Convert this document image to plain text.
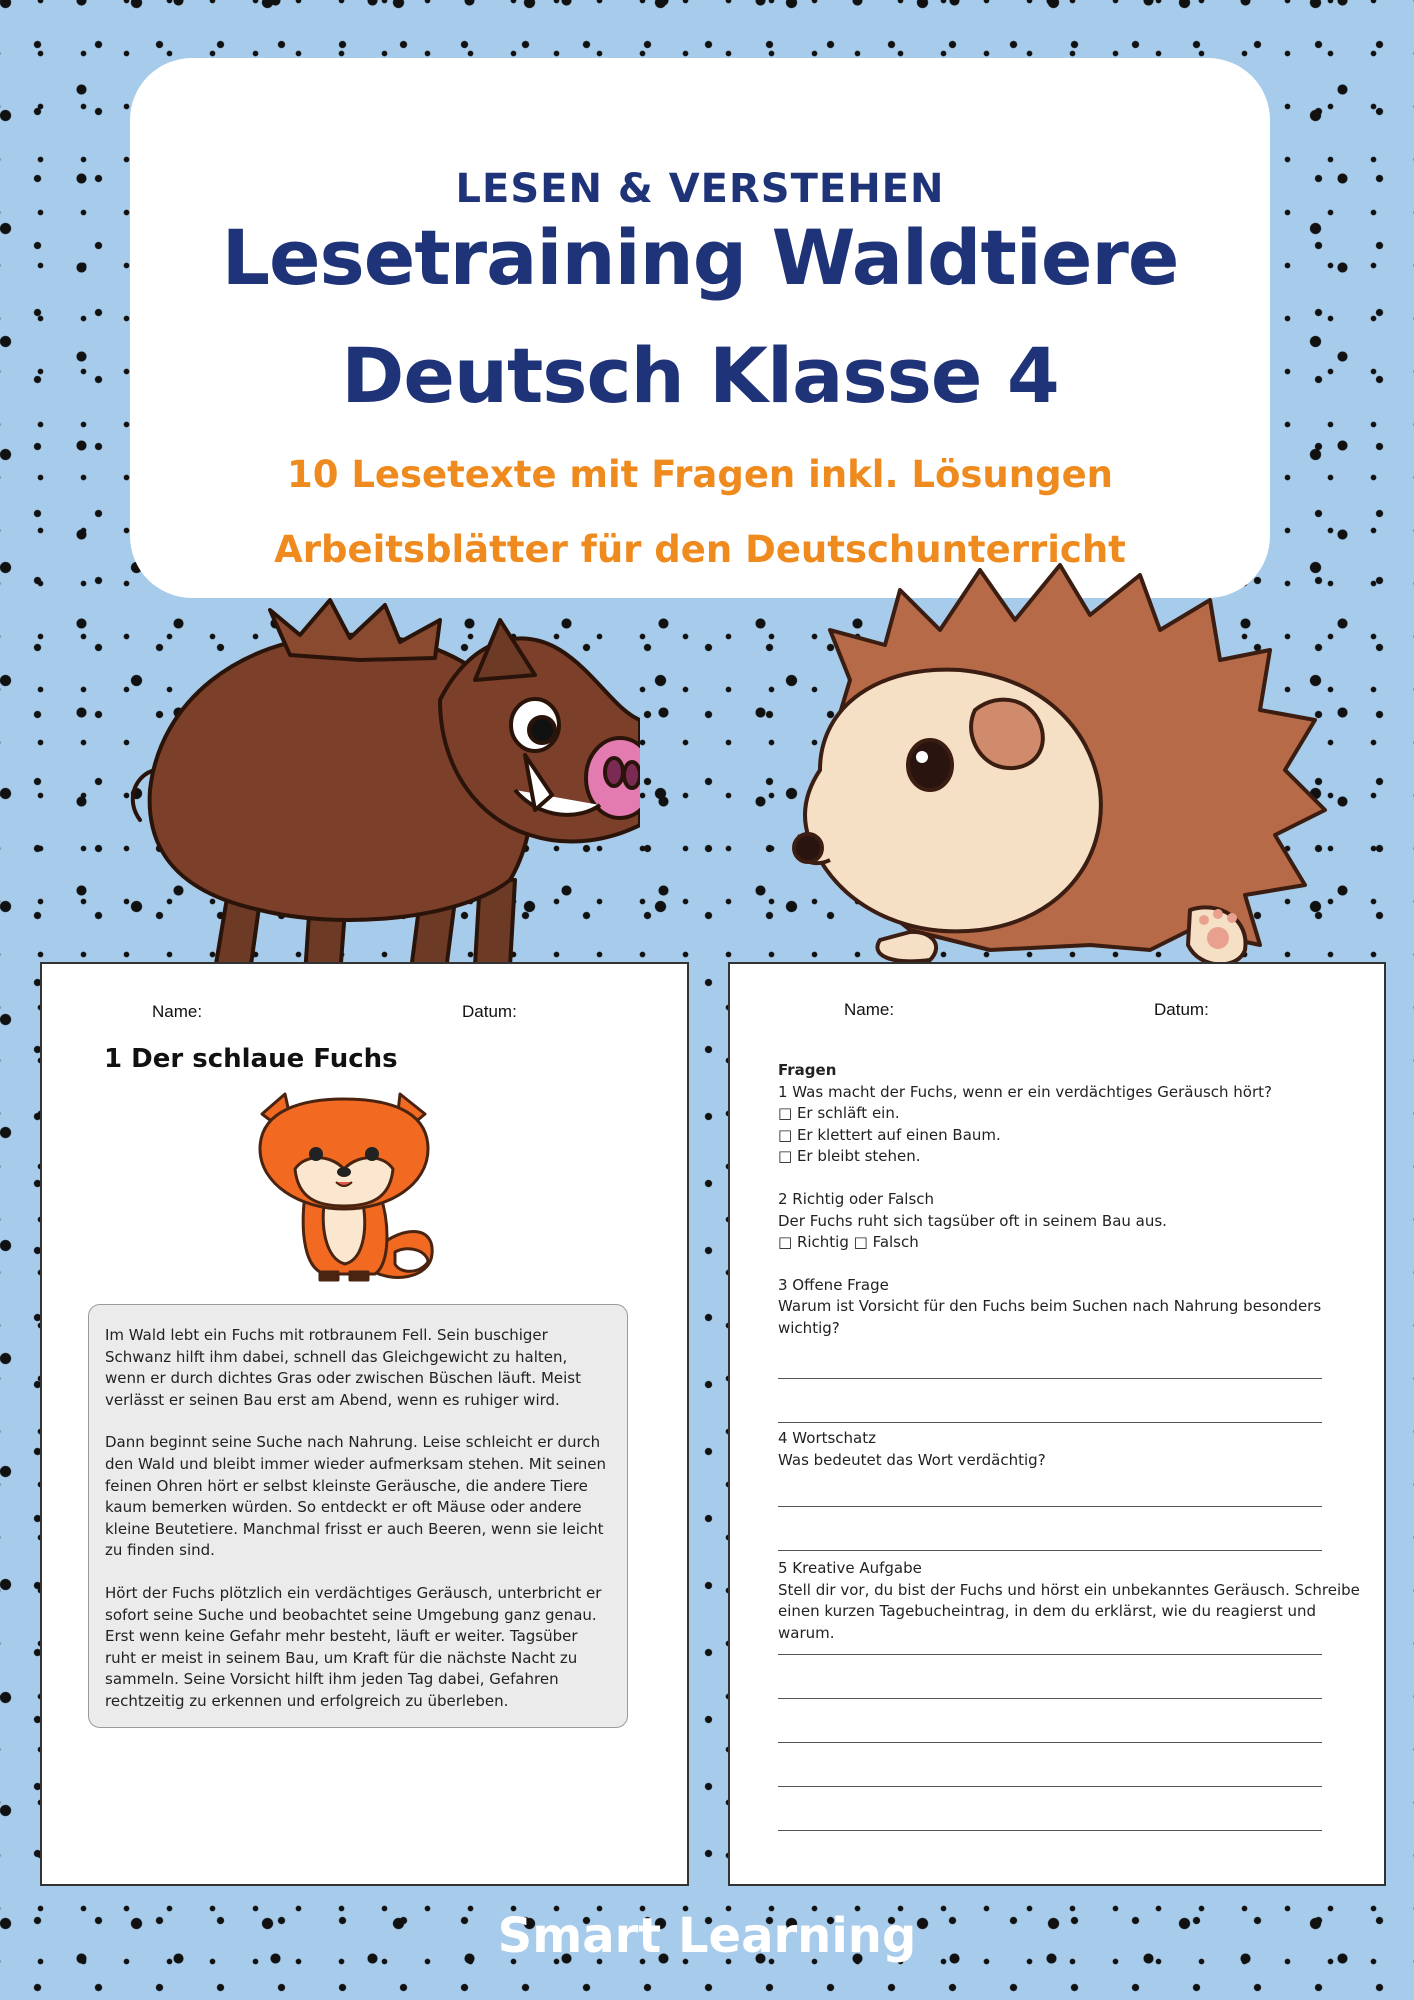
LESEN & VERSTEHEN
Lesetraining Waldtiere
Deutsch Klasse 4
10 Lesetexte mit Fragen inkl. Lösungen
Arbeitsblätter für den Deutschunterricht
Name:	Datum:
1 Der schlaue Fuchs

Im Wald lebt ein Fuchs mit rotbraunem Fell. Sein buschiger Schwanz hilft ihm dabei, schnell das Gleichgewicht zu halten, wenn er durch dichtes Gras oder zwischen Büschen läuft. Meist verlässt er seinen Bau erst am Abend, wenn es ruhiger wird.

Dann beginnt seine Suche nach Nahrung. Leise schleicht er durch den Wald und bleibt immer wieder aufmerksam stehen. Mit seinen feinen Ohren hört er selbst kleinste Geräusche, die andere Tiere kaum bemerken würden. So entdeckt er oft Mäuse oder andere kleine Beutetiere. Manchmal frisst er auch Beeren, wenn sie leicht zu finden sind.

Hört der Fuchs plötzlich ein verdächtiges Geräusch, unterbricht er sofort seine Suche und beobachtet seine Umgebung ganz genau. Erst wenn keine Gefahr mehr besteht, läuft er weiter. Tagsüber ruht er meist in seinem Bau, um Kraft für die nächste Nacht zu sammeln. Seine Vorsicht hilft ihm jeden Tag dabei, Gefahren rechtzeitig zu erkennen und erfolgreich zu überleben.

Name:	Datum:
Fragen
1 Was macht der Fuchs, wenn er ein verdächtiges Geräusch hört?
□ Er schläft ein.
□ Er klettert auf einen Baum.
□ Er bleibt stehen.
2 Richtig oder Falsch
Der Fuchs ruht sich tagsüber oft in seinem Bau aus.
□ Richtig □ Falsch
3 Offene Frage
Warum ist Vorsicht für den Fuchs beim Suchen nach Nahrung besonders wichtig?
4 Wortschatz
Was bedeutet das Wort verdächtig?
5 Kreative Aufgabe
Stell dir vor, du bist der Fuchs und hörst ein unbekanntes Geräusch. Schreibe einen kurzen Tagebucheintrag, in dem du erklärst, wie du reagierst und warum.
Smart Learning
